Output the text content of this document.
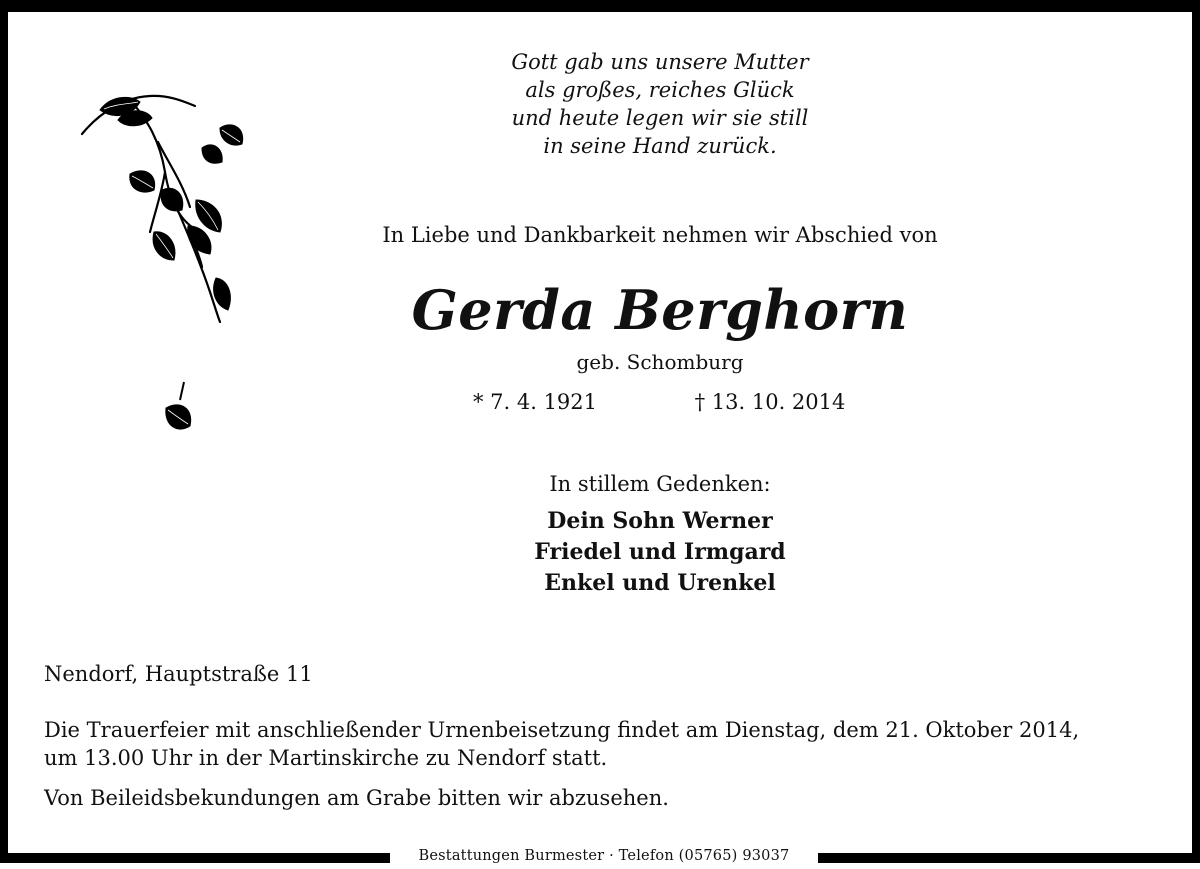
Gott gab uns unsere Mutter
als großes, reiches Glück
und heute legen wir sie still
in seine Hand zurück.
In Liebe und Dankbarkeit nehmen wir Abschied von
Gerda Berghorn
geb. Schomburg
* 7. 4. 1921	† 13. 10. 2014
In stillem Gedenken:
Dein Sohn Werner
Friedel und Irmgard
Enkel und Urenkel
Nendorf, Hauptstraße 11
Die Trauerfeier mit anschließender Urnenbeisetzung findet am Dienstag, dem 21. Oktober 2014,
um 13.00 Uhr in der Martinskirche zu Nendorf statt.
Von Beileidsbekundungen am Grabe bitten wir abzusehen.
Bestattungen Burmester · Telefon (05765) 93037
